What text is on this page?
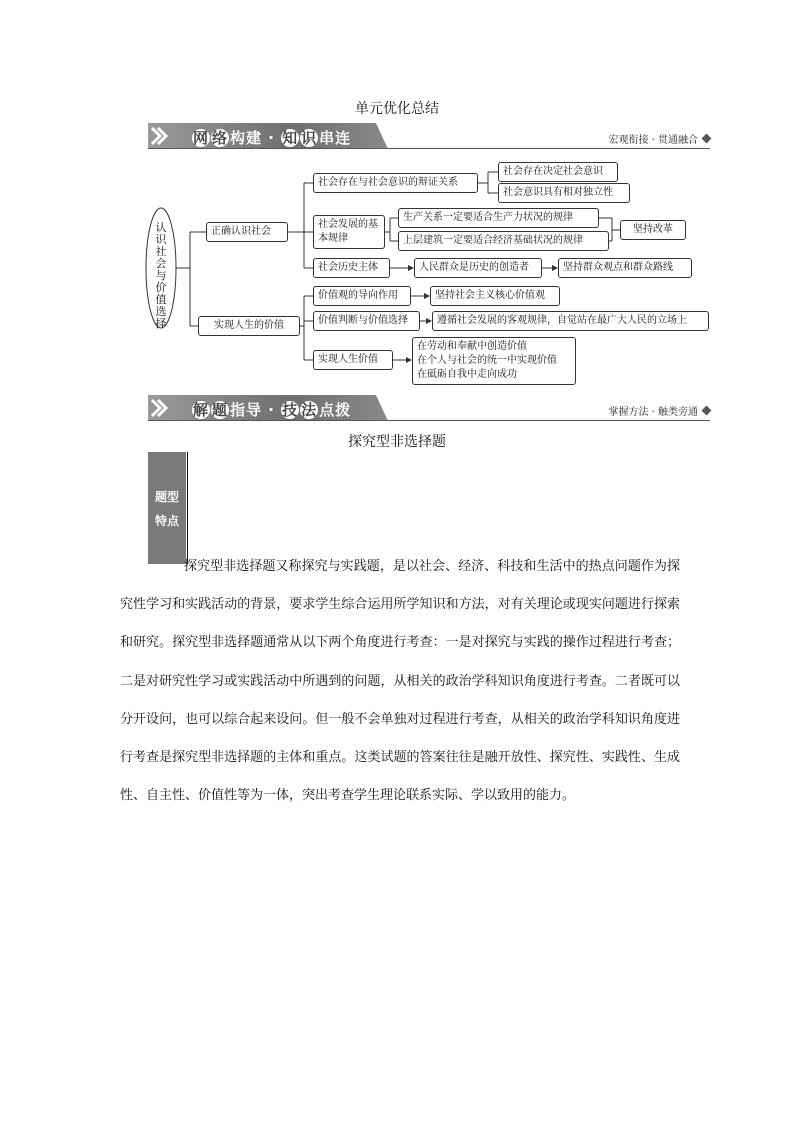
单元优化总结
网 络 构建 · 知 识 串连	宏观衔接 · 贯通融合
认识社会与价值选择
正确认识社会
实现人生的价值
社会存在与社会意识的辩证关系
社会存在决定社会意识
社会意识具有相对独立性
社会发展的基本规律
生产关系一定要适合生产力状况的规律
上层建筑一定要适合经济基础状况的规律
坚持改革
社会历史主体	人民群众是历史的创造者	坚持群众观点和群众路线
价值观的导向作用	坚持社会主义核心价值观
价值判断与价值选择	遵循社会发展的客观规律，自觉站在最广大人民的立场上
实现人生价值
在劳动和奉献中创造价值
在个人与社会的统一中实现价值
在砥砺自我中走向成功
解 题 指导 · 技 法 点拨	掌握方法 · 触类旁通
探究型非选择题
题型
特点
探究型非选择题又称探究与实践题，是以社会、经济、科技和生活中的热点问题作为探究性学习和实践活动的背景，要求学生综合运用所学知识和方法，对有关理论或现实问题进行探索和研究。探究型非选择题通常从以下两个角度进行考查：一是对探究与实践的操作过程进行考查；二是对研究性学习或实践活动中所遇到的问题，从相关的政治学科知识角度进行考查。二者既可以分开设问，也可以综合起来设问。但一般不会单独对过程进行考查，从相关的政治学科知识角度进行考查是探究型非选择题的主体和重点。这类试题的答案往往是融开放性、探究性、实践性、生成性、自主性、价值性等为一体，突出考查学生理论联系实际、学以致用的能力。
